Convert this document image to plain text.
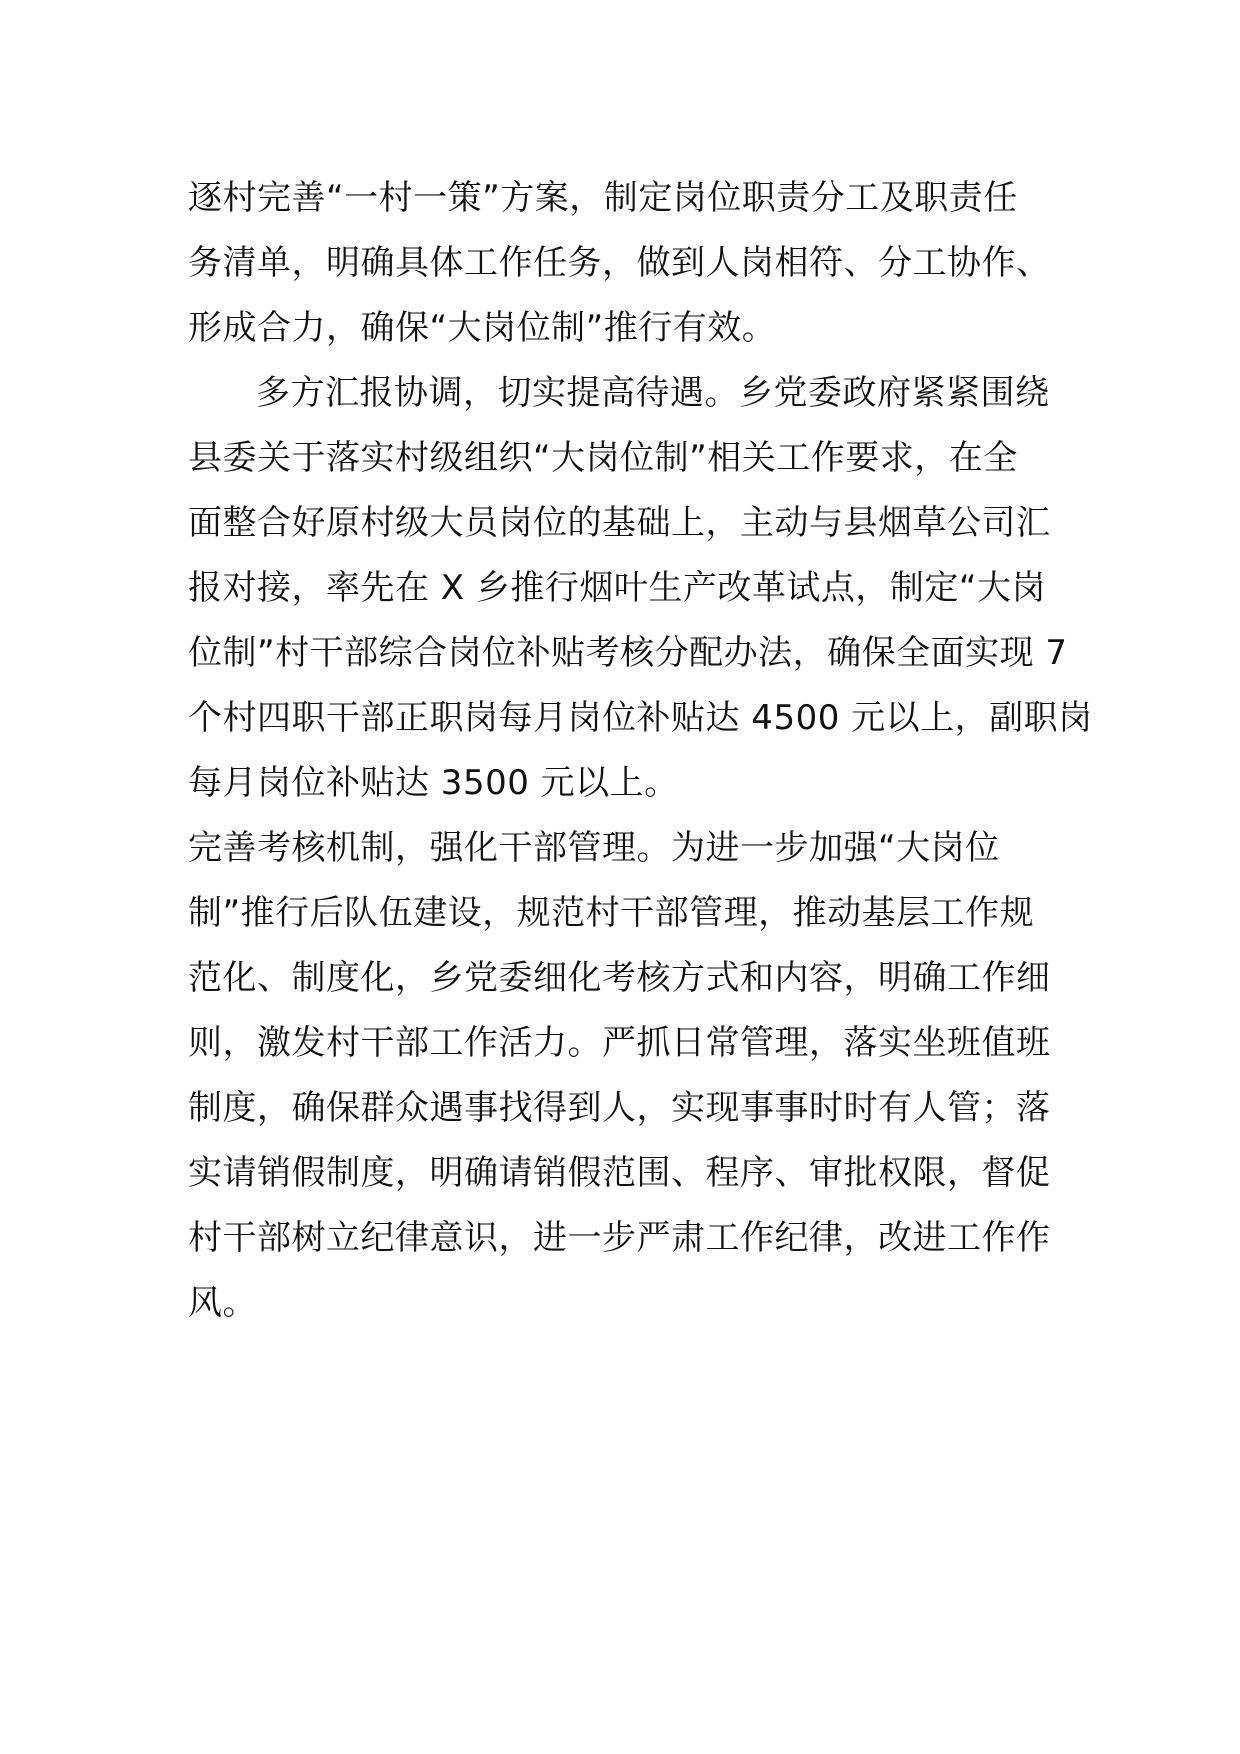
逐村完善“一村一策”方案，制定岗位职责分工及职责任
务清单，明确具体工作任务，做到人岗相符、分工协作、
形成合力，确保“大岗位制”推行有效。
多方汇报协调，切实提高待遇。乡党委政府紧紧围绕
县委关于落实村级组织“大岗位制”相关工作要求，在全
面整合好原村级大员岗位的基础上，主动与县烟草公司汇
报对接，率先在 X 乡推行烟叶生产改革试点，制定“大岗
位制”村干部综合岗位补贴考核分配办法，确保全面实现 7
个村四职干部正职岗每月岗位补贴达 4500 元以上，副职岗
每月岗位补贴达 3500 元以上。
完善考核机制，强化干部管理。为进一步加强“大岗位
制”推行后队伍建设，规范村干部管理，推动基层工作规
范化、制度化，乡党委细化考核方式和内容，明确工作细
则，激发村干部工作活力。严抓日常管理，落实坐班值班
制度，确保群众遇事找得到人，实现事事时时有人管；落
实请销假制度，明确请销假范围、程序、审批权限，督促
村干部树立纪律意识，进一步严肃工作纪律，改进工作作
风。
